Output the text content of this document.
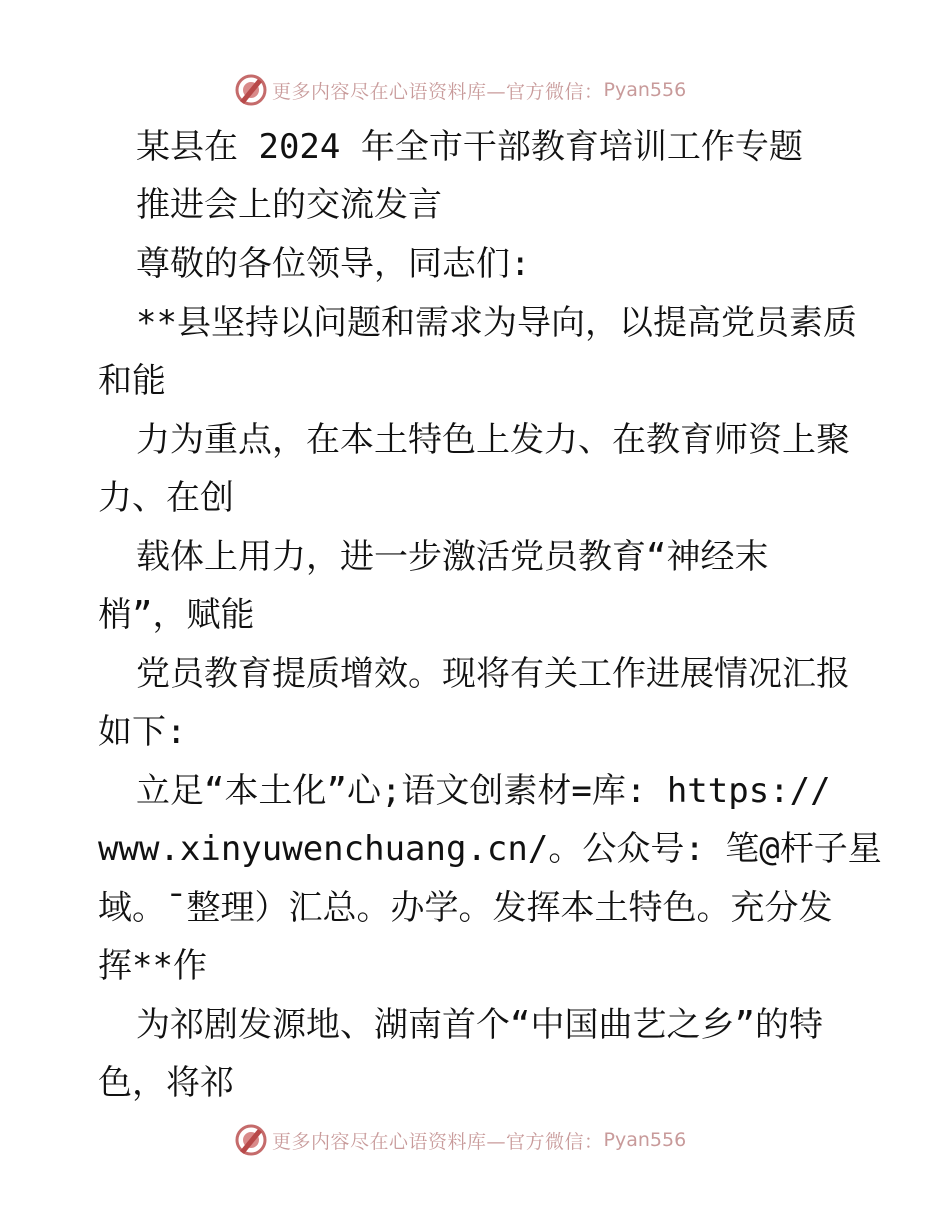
更多内容尽在心语资料库—官方微信： Pyan556
某县在 2024 年全市干部教育培训工作专题
推进会上的交流发言
尊敬的各位领导，同志们:
**县坚持以问题和需求为导向，以提高党员素质
和能
力为重点，在本土特色上发力、在教育师资上聚
力、在创
载体上用力，进一步激活党员教育“神经末
梢”，赋能
党员教育提质增效。现将有关工作进展情况汇报
如下:
立足“本土化”心;语文创素材=库: https://
www.xinyuwenchuang.cn/。公众号: 笔@杆子星
域。¯整理）汇总。办学。发挥本土特色。充分发
挥**作
为祁剧发源地、湖南首个“中国曲艺之乡”的特
色，将祁
更多内容尽在心语资料库—官方微信： Pyan556
